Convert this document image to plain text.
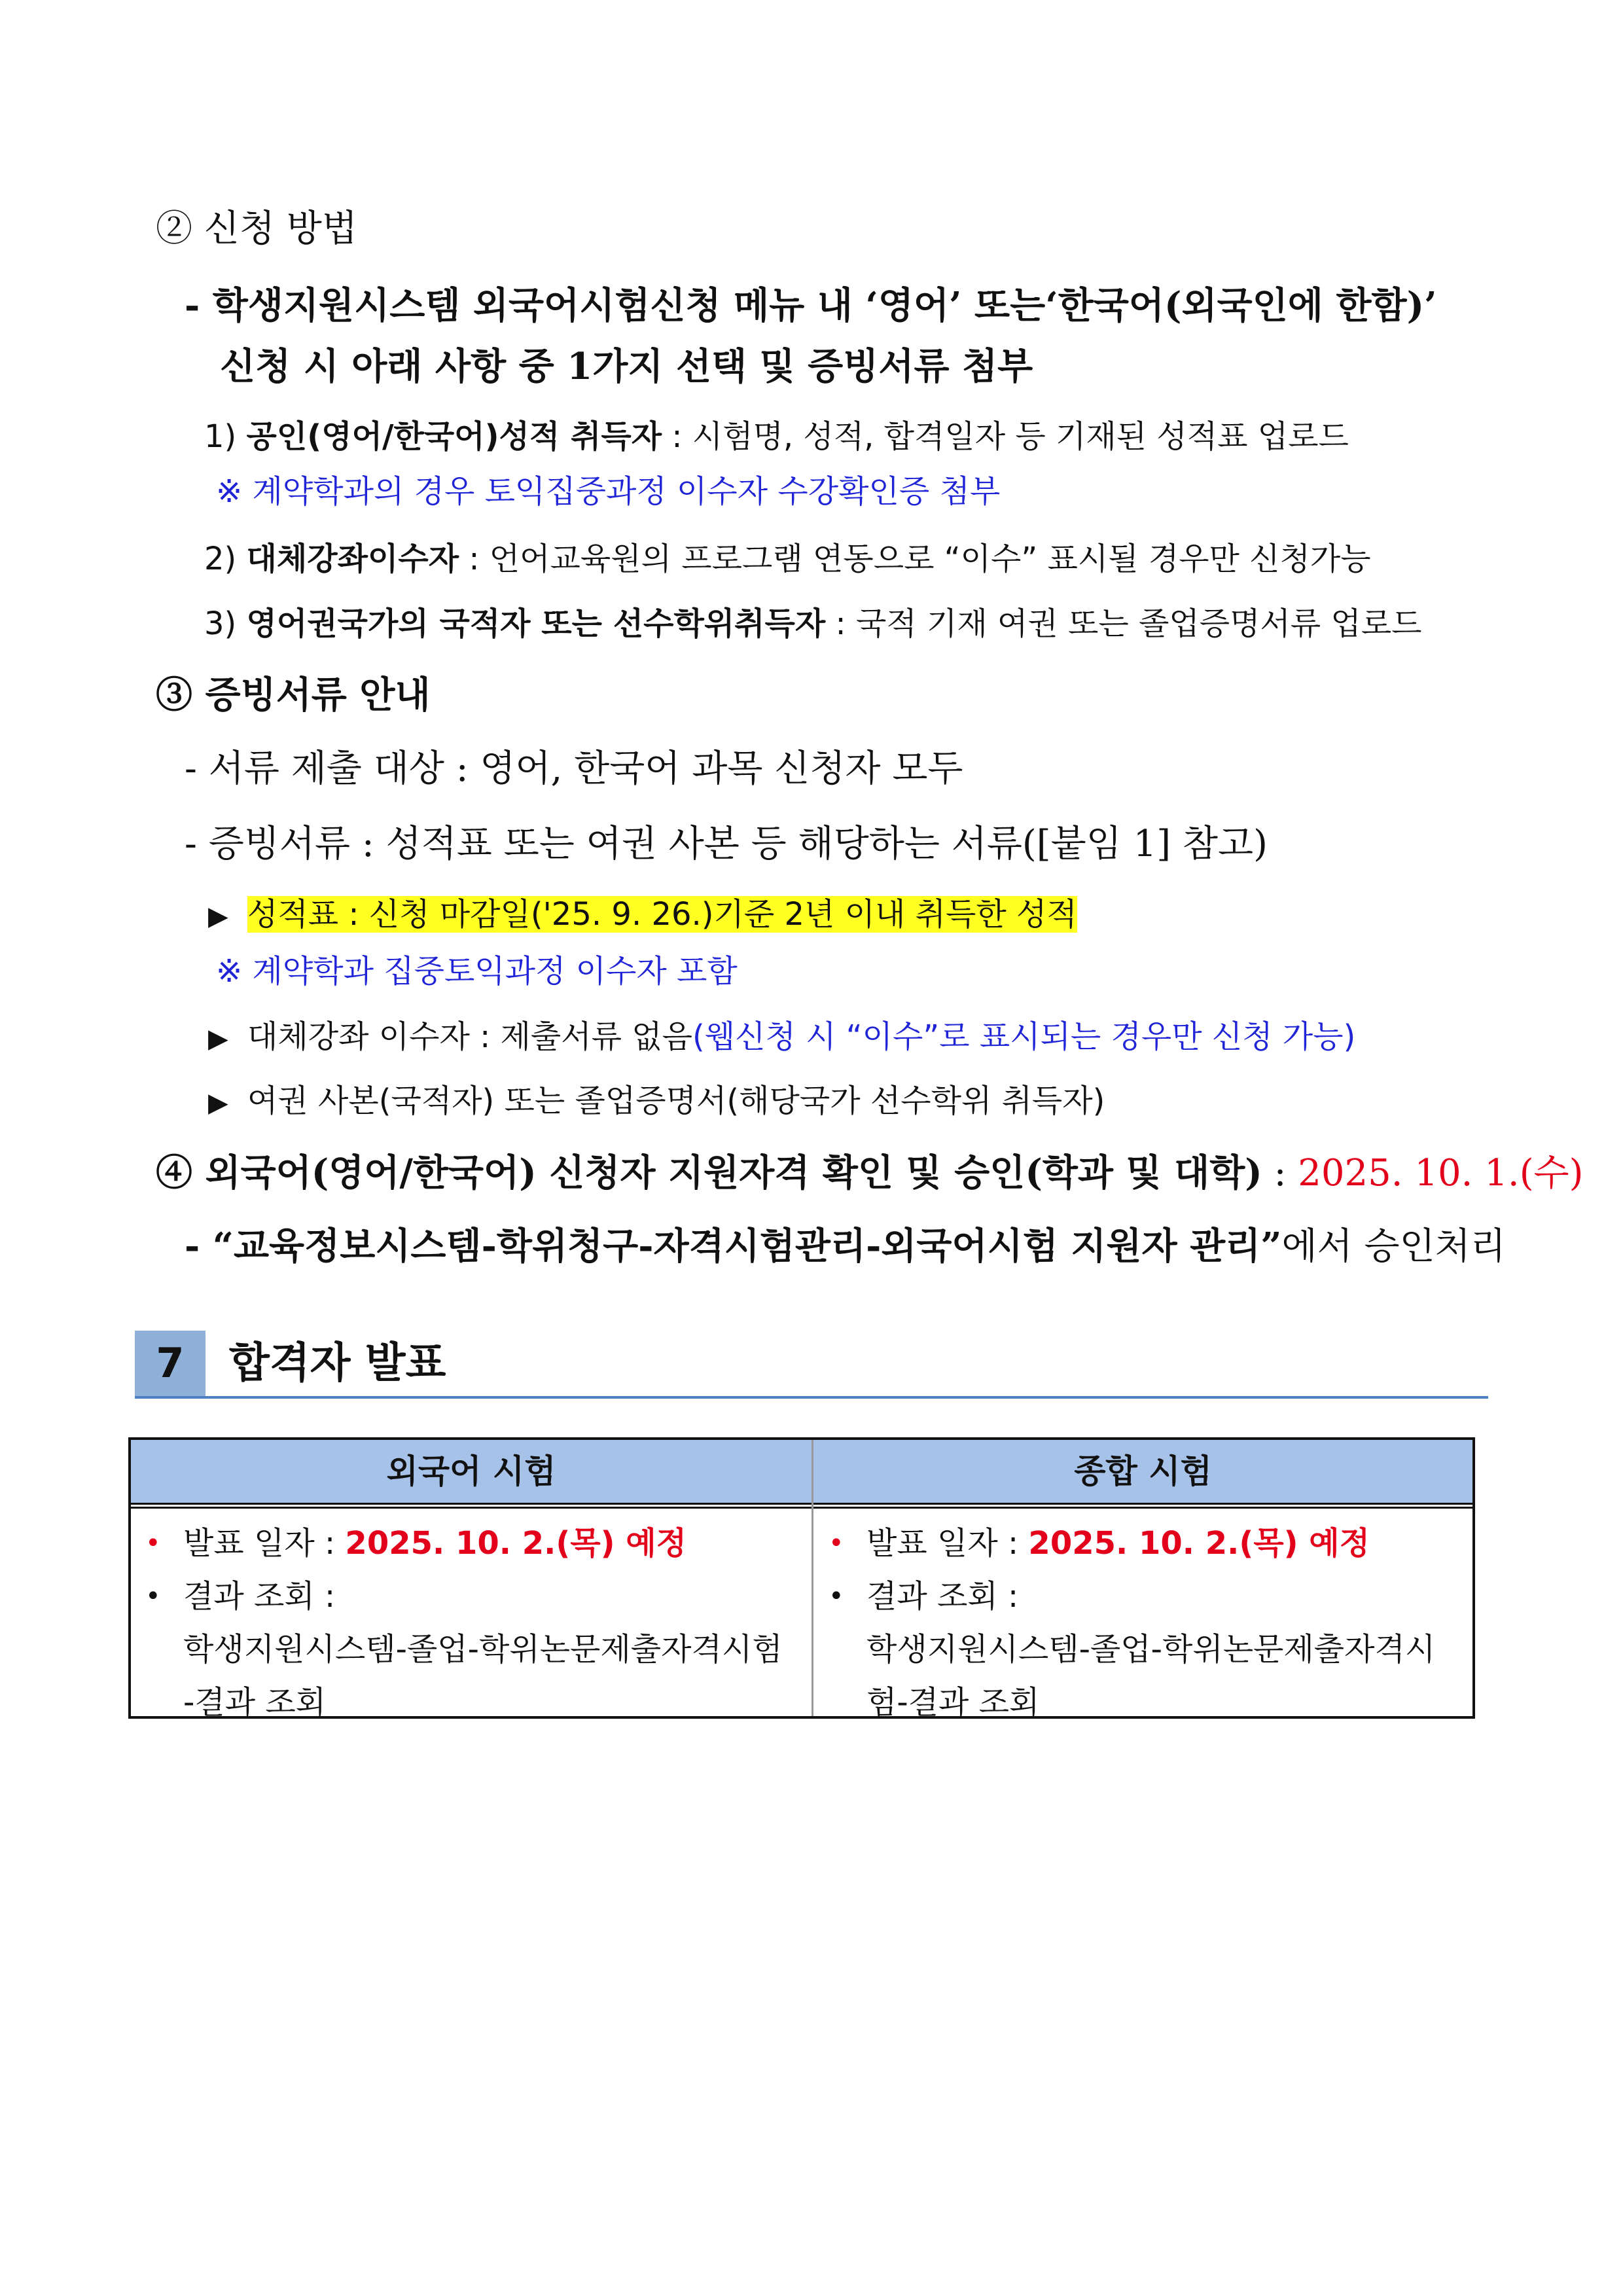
② 신청 방법
- 학생지원시스템 외국어시험신청 메뉴 내 ‘영어’ 또는‘한국어(외국인에 한함)’
신청 시 아래 사항 중 1가지 선택 및 증빙서류 첨부
1) 공인(영어/한국어)성적 취득자 : 시험명, 성적, 합격일자 등 기재된 성적표 업로드
※ 계약학과의 경우 토익집중과정 이수자 수강확인증 첨부
2) 대체강좌이수자 : 언어교육원의 프로그램 연동으로 “이수” 표시될 경우만 신청가능
3) 영어권국가의 국적자 또는 선수학위취득자 : 국적 기재 여권 또는 졸업증명서류 업로드
③ 증빙서류 안내
- 서류 제출 대상 : 영어, 한국어 과목 신청자 모두
- 증빙서류 : 성적표 또는 여권 사본 등 해당하는 서류([붙임 1] 참고)
▶ 성적표 : 신청 마감일('25. 9. 26.)기준 2년 이내 취득한 성적
※ 계약학과 집중토익과정 이수자 포함
▶ 대체강좌 이수자 : 제출서류 없음(웹신청 시 “이수”로 표시되는 경우만 신청 가능)
▶ 여권 사본(국적자) 또는 졸업증명서(해당국가 선수학위 취득자)
④ 외국어(영어/한국어) 신청자 지원자격 확인 및 승인(학과 및 대학) : 2025. 10. 1.(수)
- “교육정보시스템-학위청구-자격시험관리-외국어시험 지원자 관리”에서 승인처리
7	합격자 발표
외국어 시험	종합 시험
• 발표 일자 : 2025. 10. 2.(목) 예정
• 결과 조회 :
학생지원시스템-졸업-학위논문제출자격시험
-결과 조회
• 발표 일자 : 2025. 10. 2.(목) 예정
• 결과 조회 :
학생지원시스템-졸업-학위논문제출자격시
험-결과 조회
